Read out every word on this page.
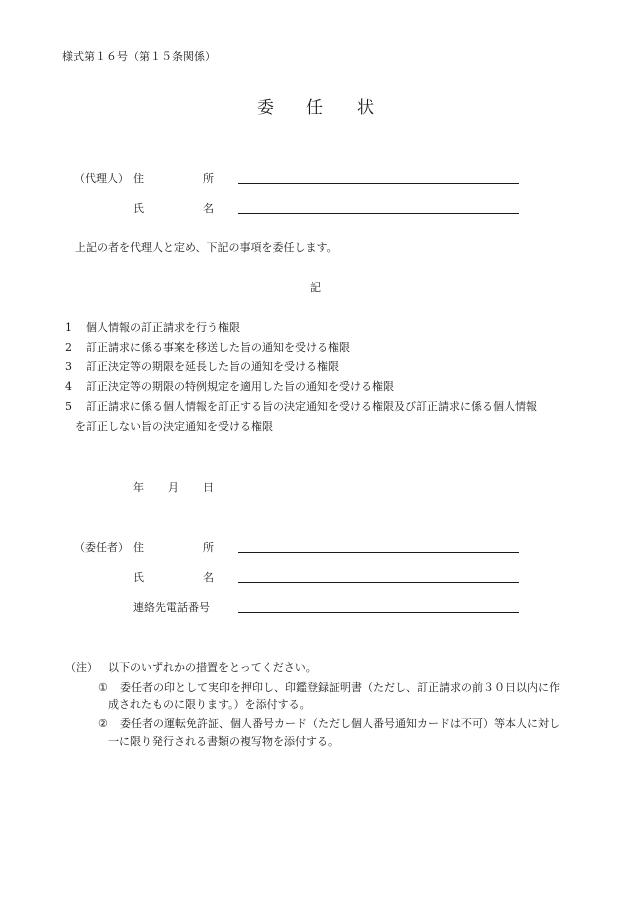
様式第１６号（第１５条関係）
委 任 状
（代理人） 住	所
氏	名
上記の者を代理人と定め、下記の事項を委任します。
記
1 個人情報の訂正請求を行う権限
2 訂正請求に係る事案を移送した旨の通知を受ける権限
3 訂正決定等の期限を延長した旨の通知を受ける権限
4 訂正決定等の期限の特例規定を適用した旨の通知を受ける権限
5 訂正請求に係る個人情報を訂正する旨の決定通知を受ける権限及び訂正請求に係る個人情報
を訂正しない旨の決定通知を受ける権限
年 月 日
（委任者） 住	所
氏	名
連絡先電話番号
（注） 以下のいずれかの措置をとってください。
① 委任者の印として実印を押印し、印鑑登録証明書（ただし、訂正請求の前３０日以内に作
成されたものに限ります。）を添付する。
② 委任者の運転免許証、個人番号カード（ただし個人番号通知カードは不可）等本人に対し
一に限り発行される書類の複写物を添付する。
